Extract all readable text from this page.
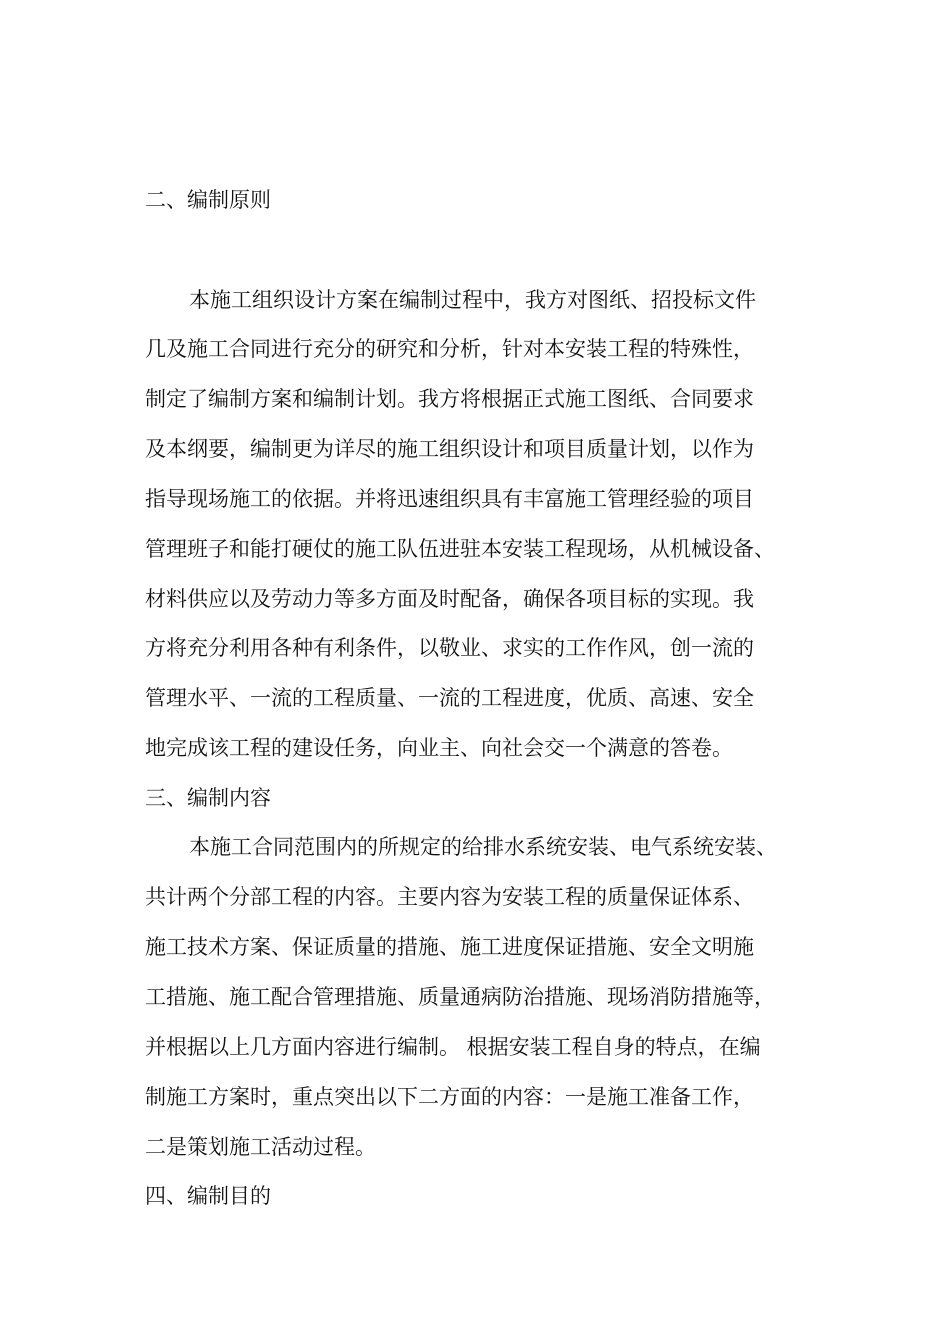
二、编制原则

本施工组织设计方案在编制过程中，我方对图纸、招投标文件

几及施工合同进行充分的研究和分析，针对本安装工程的特殊性，

制定了编制方案和编制计划。我方将根据正式施工图纸、合同要求

及本纲要，编制更为详尽的施工组织设计和项目质量计划，以作为

指导现场施工的依据。并将迅速组织具有丰富施工管理经验的项目

管理班子和能打硬仗的施工队伍进驻本安装工程现场，从机械设备、

材料供应以及劳动力等多方面及时配备，确保各项目标的实现。我

方将充分利用各种有利条件，以敬业、求实的工作作风，创一流的

管理水平、一流的工程质量、一流的工程进度，优质、高速、安全

地完成该工程的建设任务，向业主、向社会交一个满意的答卷。

三、编制内容

本施工合同范围内的所规定的给排水系统安装、电气系统安装、

共计两个分部工程的内容。主要内容为安装工程的质量保证体系、

施工技术方案、保证质量的措施、施工进度保证措施、安全文明施

工措施、施工配合管理措施、质量通病防治措施、现场消防措施等，

并根据以上几方面内容进行编制。 根据安装工程自身的特点，在编

制施工方案时，重点突出以下二方面的内容：一是施工准备工作，

二是策划施工活动过程。

四、编制目的
